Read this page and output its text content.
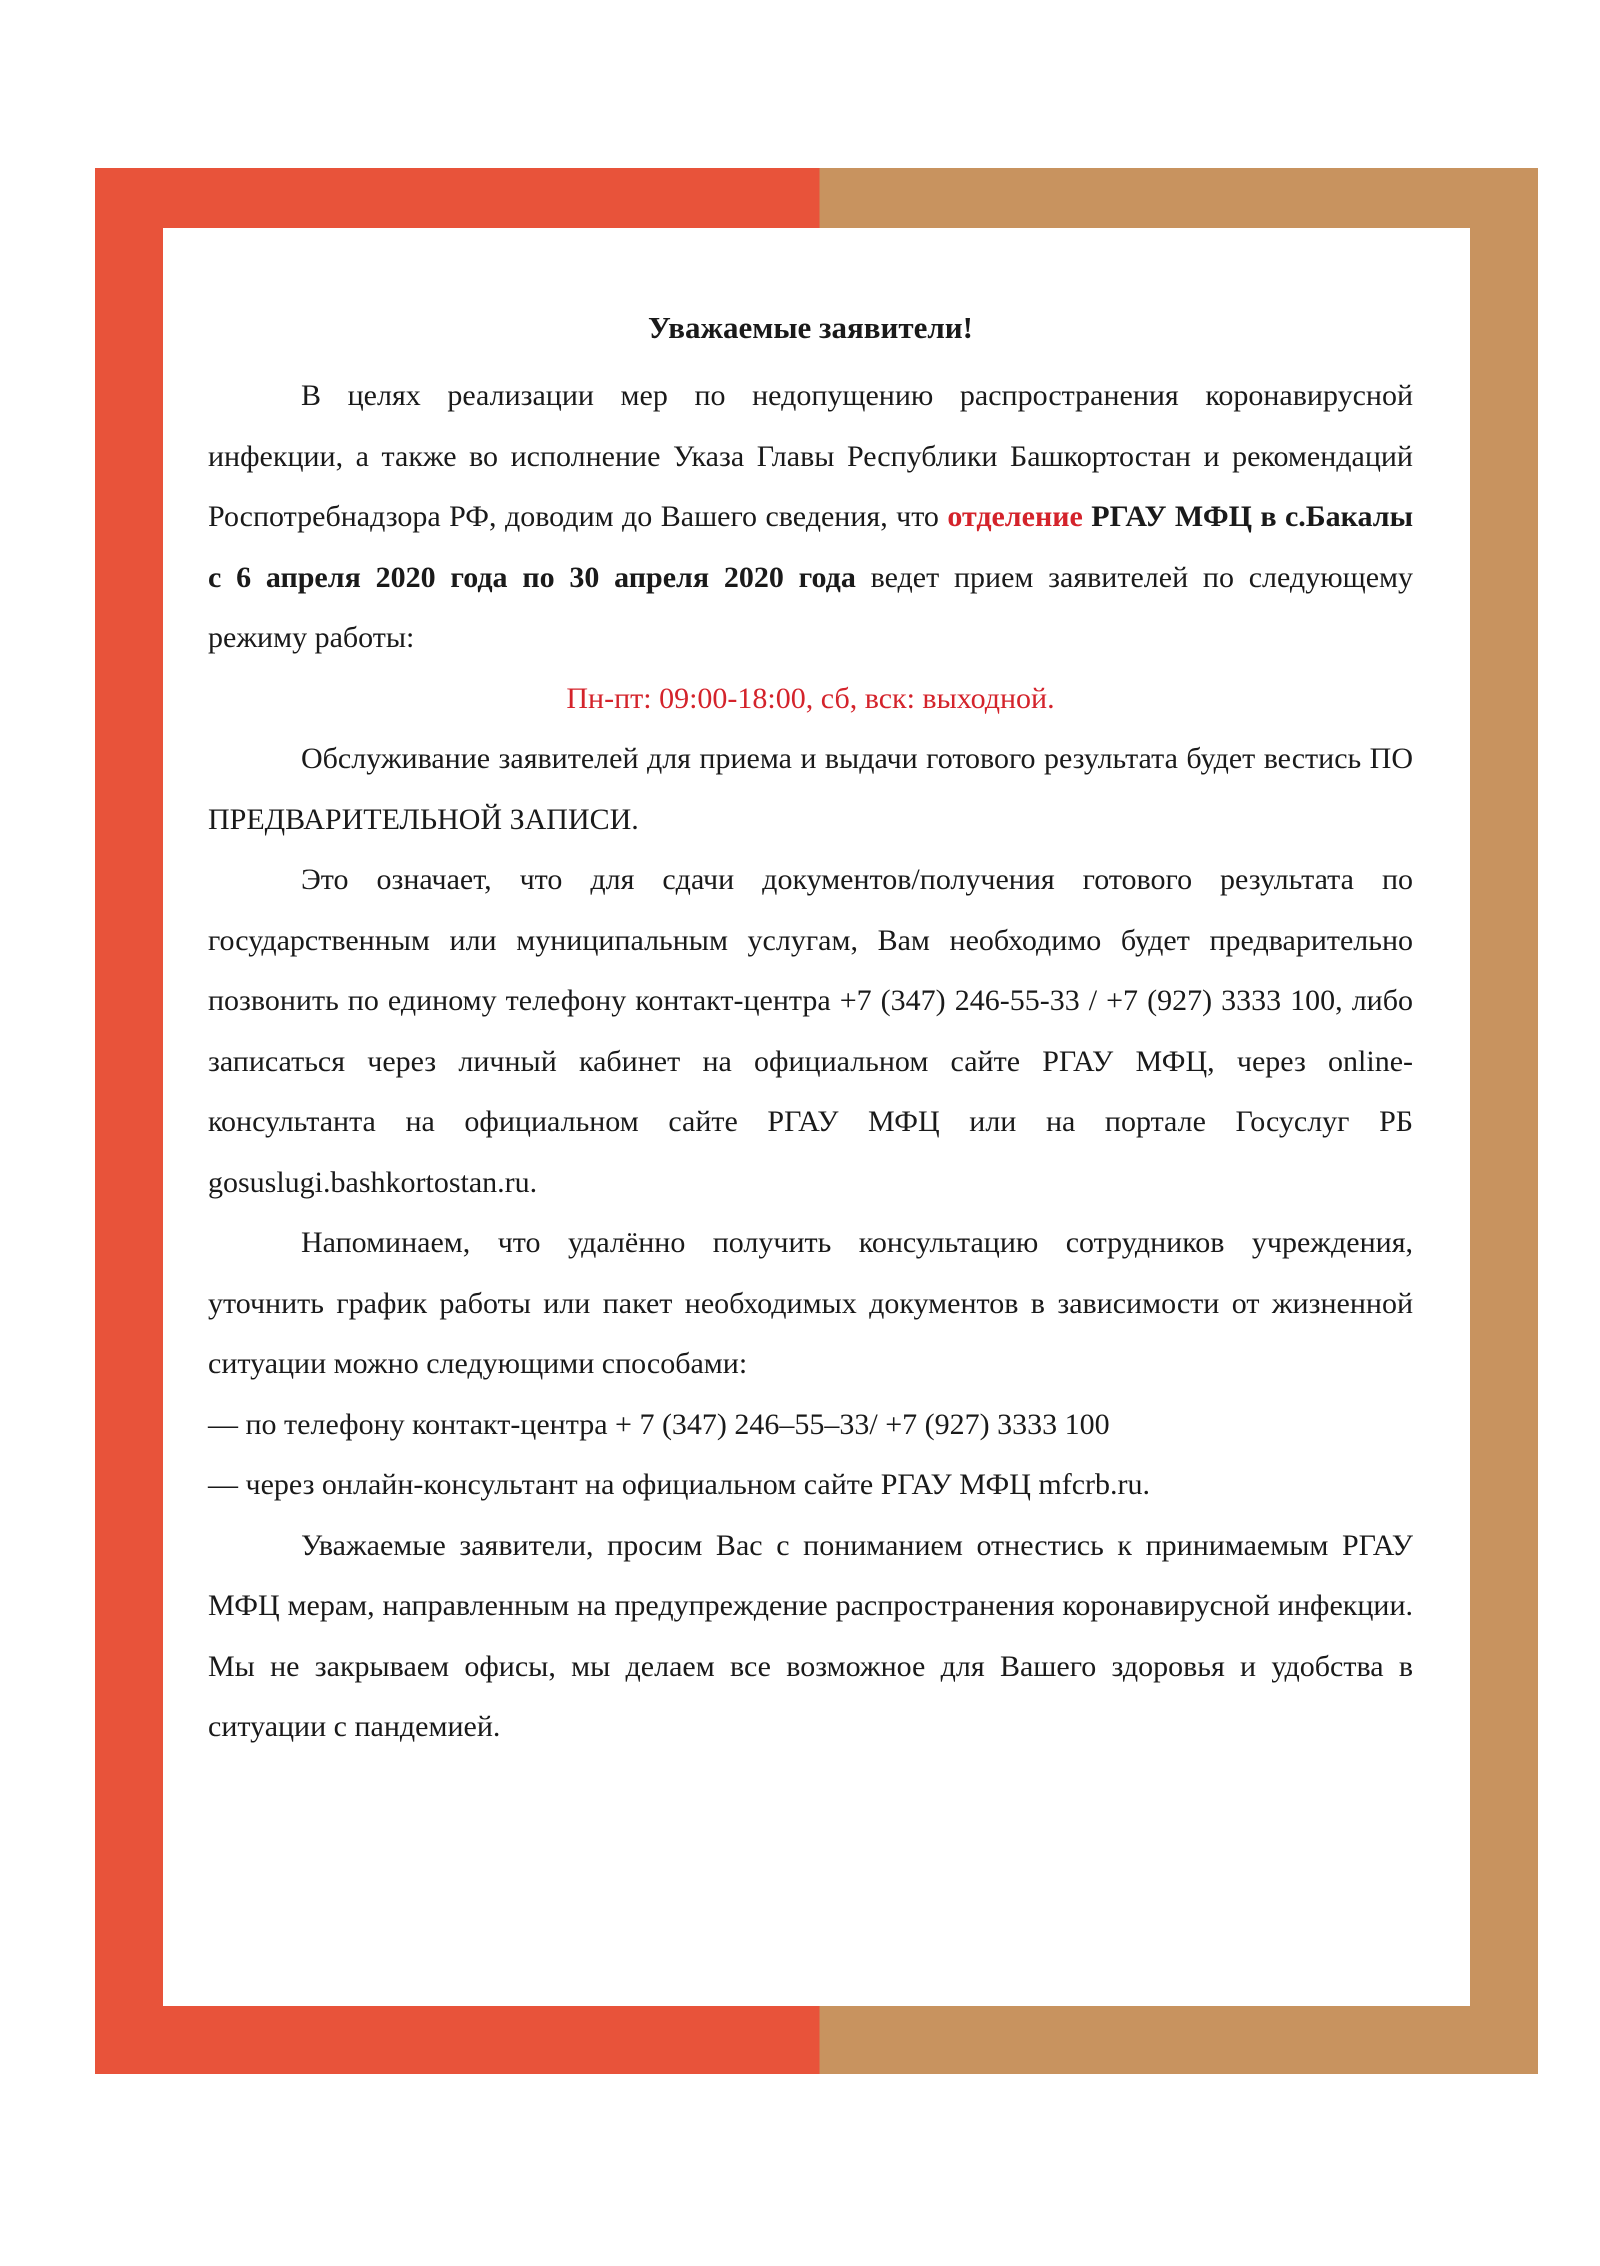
Уважаемые заявители!

В целях реализации мер по недопущению распространения коронавирусной инфекции, а также во исполнение Указа Главы Республики Башкортостан и рекомендаций Роспотребнадзора РФ, доводим до Вашего сведения, что отделение РГАУ МФЦ в с.Бакалы с 6 апреля 2020 года по 30 апреля 2020 года ведет прием заявителей по следующему режиму работы:

Пн-пт: 09:00-18:00, сб, вск: выходной.

Обслуживание заявителей для приема и выдачи готового результата будет вестись ПО ПРЕДВАРИТЕЛЬНОЙ ЗАПИСИ.

Это означает, что для сдачи документов/получения готового результата по государственным или муниципальным услугам, Вам необходимо будет предварительно позвонить по единому телефону контакт-центра +7 (347) 246-55-33 / +7 (927) 3333 100, либо записаться через личный кабинет на официальном сайте РГАУ МФЦ, через online-консультанта на официальном сайте РГАУ МФЦ или на портале Госуслуг РБ gosuslugi.bashkortostan.ru.

Напоминаем, что удалённо получить консультацию сотрудников учреждения, уточнить график работы или пакет необходимых документов в зависимости от жизненной ситуации можно следующими способами:

— по телефону контакт-центра + 7 (347) 246–55–33/ +7 (927) 3333 100

— через онлайн-консультант на официальном сайте РГАУ МФЦ mfcrb.ru.

Уважаемые заявители, просим Вас с пониманием отнестись к принимаемым РГАУ МФЦ мерам, направленным на предупреждение распространения коронавирусной инфекции. Мы не закрываем офисы, мы делаем все возможное для Вашего здоровья и удобства в ситуации с пандемией.
